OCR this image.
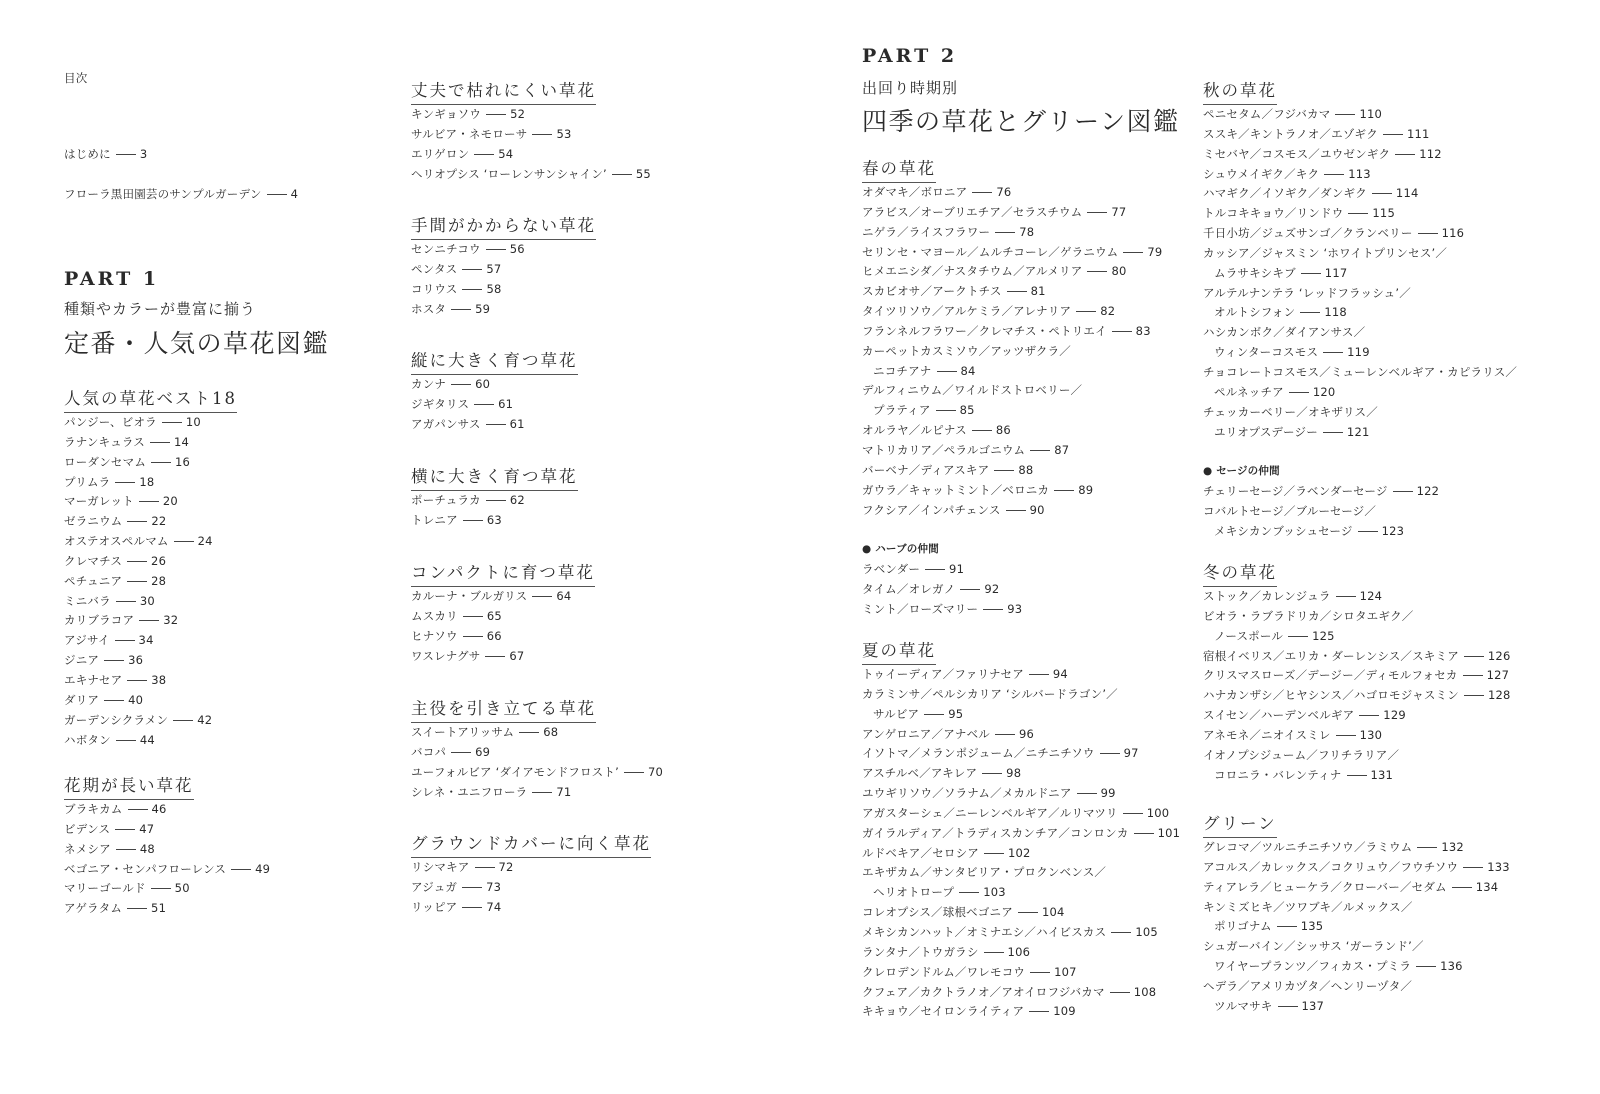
目次
はじめに	3
フローラ黒田園芸のサンプルガーデン	4
PART 1
種類やカラーが豊富に揃う
定番・人気の草花図鑑
人気の草花ベスト18
パンジー、ビオラ	10
ラナンキュラス	14
ローダンセマム	16
プリムラ	18
マーガレット	20
ゼラニウム	22
オステオスペルマム	24
クレマチス	26
ペチュニア	28
ミニバラ	30
カリブラコア	32
アジサイ	34
ジニア	36
エキナセア	38
ダリア	40
ガーデンシクラメン	42
ハボタン	44
花期が長い草花
ブラキカム	46
ビデンス	47
ネメシア	48
ベゴニア・センパフローレンス	49
マリーゴールド	50
アゲラタム	51
丈夫で枯れにくい草花
キンギョソウ	52
サルビア・ネモローサ	53
エリゲロン	54
ヘリオプシス ‘ローレンサンシャイン’	55
手間がかからない草花
センニチコウ	56
ペンタス	57
コリウス	58
ホスタ	59
縦に大きく育つ草花
カンナ	60
ジギタリス	61
アガパンサス	61
横に大きく育つ草花
ポーチュラカ	62
トレニア	63
コンパクトに育つ草花
カルーナ・ブルガリス	64
ムスカリ	65
ヒナソウ	66
ワスレナグサ	67
主役を引き立てる草花
スイートアリッサム	68
バコパ	69
ユーフォルビア ‘ダイアモンドフロスト’	70
シレネ・ユニフローラ	71
グラウンドカバーに向く草花
リシマキア	72
アジュガ	73
リッピア	74
春の草花
オダマキ／ボロニア	76
アラビス／オーブリエチア／セラスチウム	77
ニゲラ／ライスフラワー	78
セリンセ・マヨール／ムルチコーレ／ゲラニウム	79
ヒメエニシダ／ナスタチウム／アルメリア	80
スカビオサ／アークトチス	81
タイツリソウ／アルケミラ／アレナリア	82
フランネルフラワー／クレマチス・ペトリエイ	83
カーペットカスミソウ／アッツザクラ／
ニコチアナ	84
デルフィニウム／ワイルドストロベリー／
プラティア	85
オルラヤ／ルピナス	86
マトリカリア／ペラルゴニウム	87
バーベナ／ディアスキア	88
ガウラ／キャットミント／ベロニカ	89
フクシア／インパチェンス	90
● ハーブの仲間
ラベンダー	91
タイム／オレガノ	92
ミント／ローズマリー	93
夏の草花
トゥイーディア／ファリナセア	94
カラミンサ／ペルシカリア ‘シルバードラゴン’／
サルビア	95
アンゲロニア／アナベル	96
イソトマ／メランポジューム／ニチニチソウ	97
アスチルベ／アキレア	98
ユウギリソウ／ソラナム／メカルドニア	99
アガスターシェ／ニーレンベルギア／ルリマツリ	100
ガイラルディア／トラディスカンチア／コンロンカ	101
ルドベキア／セロシア	102
エキザカム／サンタビリア・プロクンベンス／
ヘリオトロープ	103
コレオプシス／球根ベゴニア	104
メキシカンハット／オミナエシ／ハイビスカス	105
ランタナ／トウガラシ	106
クレロデンドルム／ワレモコウ	107
クフェア／カクトラノオ／アオイロフジバカマ	108
キキョウ／セイロンライティア	109
秋の草花
ペニセタム／フジバカマ	110
ススキ／キントラノオ／エゾギク	111
ミセバヤ／コスモス／ユウゼンギク	112
シュウメイギク／キク	113
ハマギク／イソギク／ダンギク	114
トルコキキョウ／リンドウ	115
千日小坊／ジュズサンゴ／クランベリー	116
カッシア／ジャスミン ‘ホワイトプリンセス’／
ムラサキシキブ	117
アルテルナンテラ ‘レッドフラッシュ’／
オルトシフォン	118
ハシカンボク／ダイアンサス／
ウィンターコスモス	119
チョコレートコスモス／ミューレンベルギア・カピラリス／
ペルネッチア	120
チェッカーベリー／オキザリス／
ユリオプスデージー	121
● セージの仲間
チェリーセージ／ラベンダーセージ	122
コバルトセージ／ブルーセージ／
メキシカンブッシュセージ	123
冬の草花
ストック／カレンジュラ	124
ビオラ・ラブラドリカ／シロタエギク／
ノースポール	125
宿根イベリス／エリカ・ダーレンシス／スキミア	126
クリスマスローズ／デージー／ディモルフォセカ	127
ハナカンザシ／ヒヤシンス／ハゴロモジャスミン	128
スイセン／ハーデンベルギア	129
アネモネ／ニオイスミレ	130
イオノプシジューム／フリチラリア／
コロニラ・バレンティナ	131
グリーン
グレコマ／ツルニチニチソウ／ラミウム	132
アコルス／カレックス／コクリュウ／フウチソウ	133
ティアレラ／ヒューケラ／クローバー／セダム	134
キンミズヒキ／ツワブキ／ルメックス／
ポリゴナム	135
シュガーバイン／シッサス ‘ガーランド’／
ワイヤープランツ／フィカス・プミラ	136
ヘデラ／アメリカヅタ／ヘンリーヅタ／
ツルマサキ	137
PART 2
出回り時期別
四季の草花とグリーン図鑑
